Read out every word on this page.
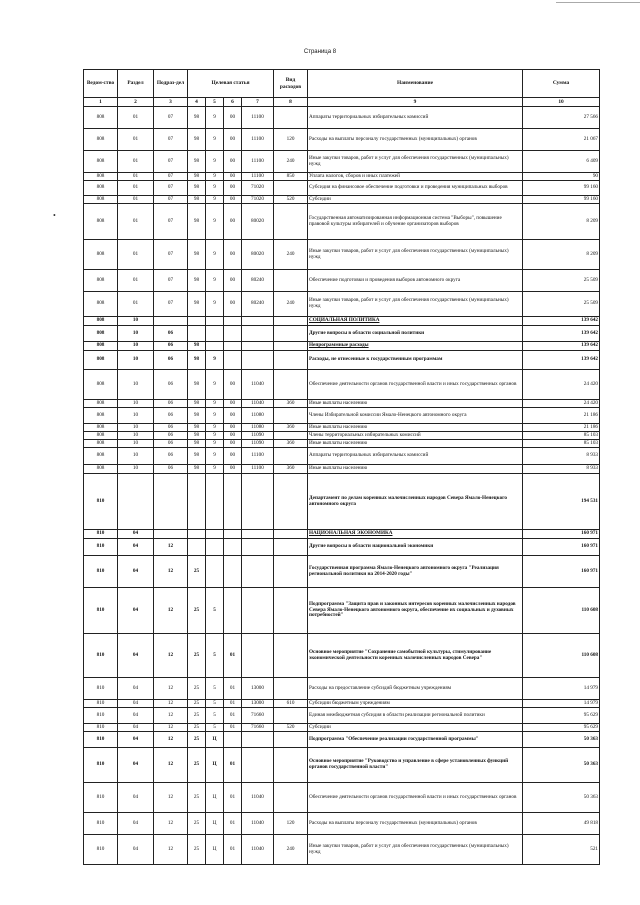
Страница 8
•
Ведом-ство	Раздел	Подраз-дел	Целевая статья				Вид расходов	Наименование	Сумма
1	2	3	4	5	6	7	8	9	10
808	01	07	98	9	00	11100		Аппараты территориальных избирательных комиссий	27 566
808	01	07	98	9	00	11100	120	Расходы на выплаты персоналу государственных (муниципальных) органов	21 067
808	01	07	98	9	00	11100	240	Иные закупки товаров, работ и услуг для обеспечения государственных (муниципальных) нужд	6 409
808	01	07	98	9	00	11100	850	Уплата налогов, сборов и иных платежей	90
808	01	07	98	9	00	71020		Субсидия на финансовое обеспечение подготовки и проведения муниципальных выборов	99 160
808	01	07	98	9	00	71020	520	Субсидии	99 160
808	01	07	98	9	00	80020		Государственная автоматизированная информационная система "Выборы", повышение правовой культуры избирателей и обучение организаторов выборов	8 209
808	01	07	98	9	00	80020	240	Иные закупки товаров, работ и услуг для обеспечения государственных (муниципальных) нужд	8 209
808	01	07	98	9	00	80240		Обеспечение подготовки и проведения выборов автономного округа	25 509
808	01	07	98	9	00	80240	240	Иные закупки товаров, работ и услуг для обеспечения государственных (муниципальных) нужд	25 509
808	10							СОЦИАЛЬНАЯ ПОЛИТИКА	139 642
808	10	06						Другие вопросы в области социальной политики	139 642
808	10	06	98					Непрограммные расходы	139 642
808	10	06	98	9				Расходы, не отнесенные к государственным программам	139 642
808	10	06	98	9	00	11040		Обеспечение деятельности органов государственной власти и иных государственных органов	24 420
808	10	06	98	9	00	11040	360	Иные выплаты населению	24 420
808	10	06	98	9	00	11080		Члены Избирательной комиссии Ямало-Ненецкого автономного округа	21 186
808	10	06	98	9	00	11080	360	Иные выплаты населению	21 186
808	10	06	98	9	00	11090		Члены территориальных избирательных комиссий	85 103
808	10	06	98	9	00	11090	360	Иные выплаты населению	85 103
808	10	06	98	9	00	11100		Аппараты территориальных избирательных комиссий	8 933
808	10	06	98	9	00	11100	360	Иные выплаты населению	8 933
810								Департамент по делам коренных малочисленных народов Севера Ямало-Ненецкого автономного округа	194 531
810	04							НАЦИОНАЛЬНАЯ ЭКОНОМИКА	160 971
810	04	12						Другие вопросы в области национальной экономики	160 971
810	04	12	25					Государственная программа Ямало-Ненецкого автономного округа "Реализация региональной политики на 2014-2020 годы"	160 971
810	04	12	25	5				Подпрограмма "Защита прав и законных интересов коренных малочисленных народов Севера Ямало-Ненецкого автономного округа, обеспечение их социальных и духовных потребностей"	110 608
810	04	12	25	5	01			Основное мероприятие "Сохранение самобытной культуры, стимулирование экономической деятельности коренных малочисленных народов Севера"	110 608
810	04	12	25	5	01	13000		Расходы на предоставление субсидий бюджетным учреждениям	14 979
810	04	12	25	5	01	13000	610	Субсидии бюджетным учреждениям	14 979
810	04	12	25	5	01	71660		Единая межбюджетная субсидия в области реализации региональной политики	95 629
810	04	12	25	5	01	71660	520	Субсидии	95 629
810	04	12	25	Ц				Подпрограмма "Обеспечение реализации государственной программы"	50 363
810	04	12	25	Ц	01			Основное мероприятие "Руководство и управление в сфере установленных функций органов государственной власти"	50 363
810	04	12	25	Ц	01	11040		Обеспечение деятельности органов государственной власти и иных государственных органов	50 363
810	04	12	25	Ц	01	11040	120	Расходы на выплаты персоналу государственных (муниципальных) органов	49 818
810	04	12	25	Ц	01	11040	240	Иные закупки товаров, работ и услуг для обеспечения государственных (муниципальных) нужд	521
